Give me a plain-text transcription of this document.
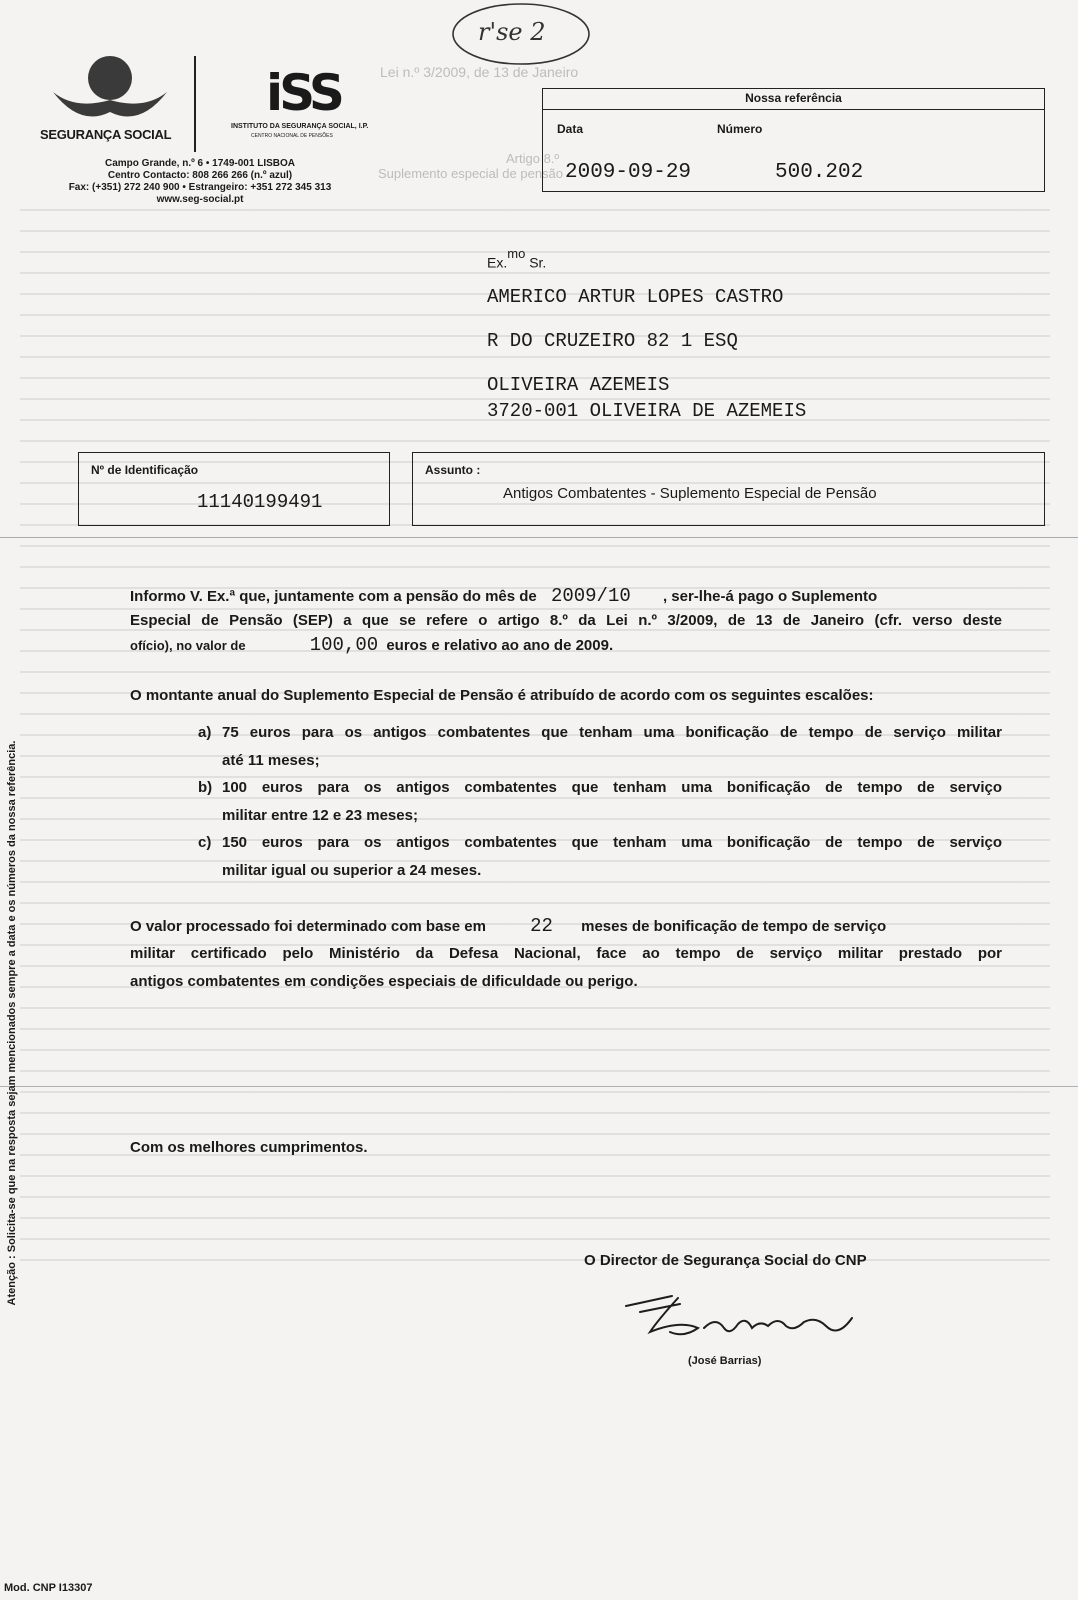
Lei n.º 3/2009, de 13 de Janeiro
Artigo 8.º
Suplemento especial de pensão
r'se 2
SEGURANÇA SOCIAL
iSS
INSTITUTO DA SEGURANÇA SOCIAL, I.P.
CENTRO NACIONAL DE PENSÕES
Campo Grande, n.º 6 • 1749-001 LISBOA
Centro Contacto: 808 266 266 (n.º azul)
Fax: (+351) 272 240 900 • Estrangeiro: +351 272 345 313
www.seg-social.pt
Nossa referência
Data	Número
2009-09-29	500.202
Ex.$^{mo}$ Sr.
AMERICO ARTUR LOPES CASTRO
R DO CRUZEIRO 82 1 ESQ
OLIVEIRA AZEMEIS
3720-001 OLIVEIRA DE AZEMEIS
Nº de Identificação
11140199491
Assunto :
Antigos Combatentes - Suplemento Especial de Pensão
Informo V. Ex.ª que, juntamente com a pensão do mês de 2009/10 , ser-lhe-á pago o Suplemento
Especial de Pensão (SEP) a que se refere o artigo 8.º da Lei n.º 3/2009, de 13 de Janeiro (cfr. verso deste
ofício), no valor de	100,00 euros e relativo ao ano de 2009.
O montante anual do Suplemento Especial de Pensão é atribuído de acordo com os seguintes escalões:
a) 75 euros para os antigos combatentes que tenham uma bonificação de tempo de serviço militar
até 11 meses;
b) 100 euros para os antigos combatentes que tenham uma bonificação de tempo de serviço
militar entre 12 e 23 meses;
c) 150 euros para os antigos combatentes que tenham uma bonificação de tempo de serviço
militar igual ou superior a 24 meses.
O valor processado foi determinado com base em 22 meses de bonificação de tempo de serviço
militar certificado pelo Ministério da Defesa Nacional, face ao tempo de serviço militar prestado por
antigos combatentes em condições especiais de dificuldade ou perigo.
Com os melhores cumprimentos.
O Director de Segurança Social do CNP
(José Barrias)
Atenção : Solicita-se que na resposta sejam mencionados sempre a data e os números da nossa referência.
Mod. CNP I13307
